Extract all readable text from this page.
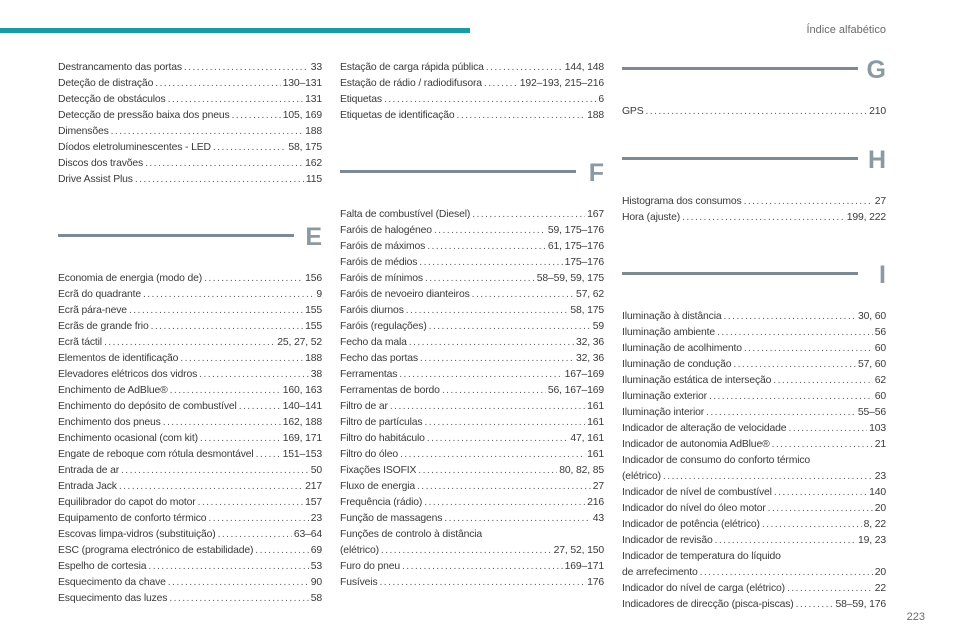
Índice alfabético
Destrancamento das portas .....	33
Deteção de distração .....	130–131
Detecção de obstáculos .....	131
Detecção de pressão baixa dos pneus .....	105, 169
Dimensões .....	188
Díodos eletroluminescentes - LED .....	58, 175
Discos dos travões .....	162
Drive Assist Plus .....	115
E
Economia de energia (modo de) .....	156
Ecrã do quadrante .....	9
Ecrã pára-neve .....	155
Ecrãs de grande frio .....	155
Ecrã táctil .....	25, 27, 52
Elementos de identificação .....	188
Elevadores elétricos dos vidros .....	38
Enchimento de AdBlue® .....	160, 163
Enchimento do depósito de combustível .....	140–141
Enchimento dos pneus .....	162, 188
Enchimento ocasional (com kit) .....	169, 171
Engate de reboque com rótula desmontável .....	151–153
Entrada de ar .....	50
Entrada Jack .....	217
Equilibrador do capot do motor .....	157
Equipamento de conforto térmico .....	23
Escovas limpa-vidros (substituição) .....	63–64
ESC (programa electrónico de estabilidade) .....	69
Espelho de cortesia .....	53
Esquecimento da chave .....	90
Esquecimento das luzes .....	58
Estação de carga rápida pública .....	144, 148
Estação de rádio / radiodifusora .....	192–193, 215–216
Etiquetas .....	6
Etiquetas de identificação .....	188
F
Falta de combustível (Diesel) .....	167
Faróis de halogéneo .....	59, 175–176
Faróis de máximos .....	61, 175–176
Faróis de médios .....	175–176
Faróis de mínimos .....	58–59, 59, 175
Faróis de nevoeiro dianteiros .....	57, 62
Faróis diurnos .....	58, 175
Faróis (regulações) .....	59
Fecho da mala .....	32, 36
Fecho das portas .....	32, 36
Ferramentas .....	167–169
Ferramentas de bordo .....	56, 167–169
Filtro de ar .....	161
Filtro de partículas .....	161
Filtro do habitáculo .....	47, 161
Filtro do óleo .....	161
Fixações ISOFIX .....	80, 82, 85
Fluxo de energia .....	27
Frequência (rádio) .....	216
Função de massagens .....	43
Funções de controlo à distância
(elétrico) .....	27, 52, 150
Furo do pneu .....	169–171
Fusíveis .....	176
G
GPS .....	210
H
Histograma dos consumos .....	27
Hora (ajuste) .....	199, 222
I
Iluminação à distância .....	30, 60
Iluminação ambiente .....	56
Iluminação de acolhimento .....	60
Iluminação de condução .....	57, 60
Iluminação estática de interseção .....	62
Iluminação exterior .....	60
Iluminação interior .....	55–56
Indicador de alteração de velocidade .....	103
Indicador de autonomia AdBlue® .....	21
Indicador de consumo do conforto térmico
(elétrico) .....	23
Indicador de nível de combustível .....	140
Indicador do nível do óleo motor .....	20
Indicador de potência (elétrico) .....	8, 22
Indicador de revisão .....	19, 23
Indicador de temperatura do líquido
de arrefecimento .....	20
Indicador do nível de carga (elétrico) .....	22
Indicadores de direcção (pisca-piscas) .....	58–59, 176
223
